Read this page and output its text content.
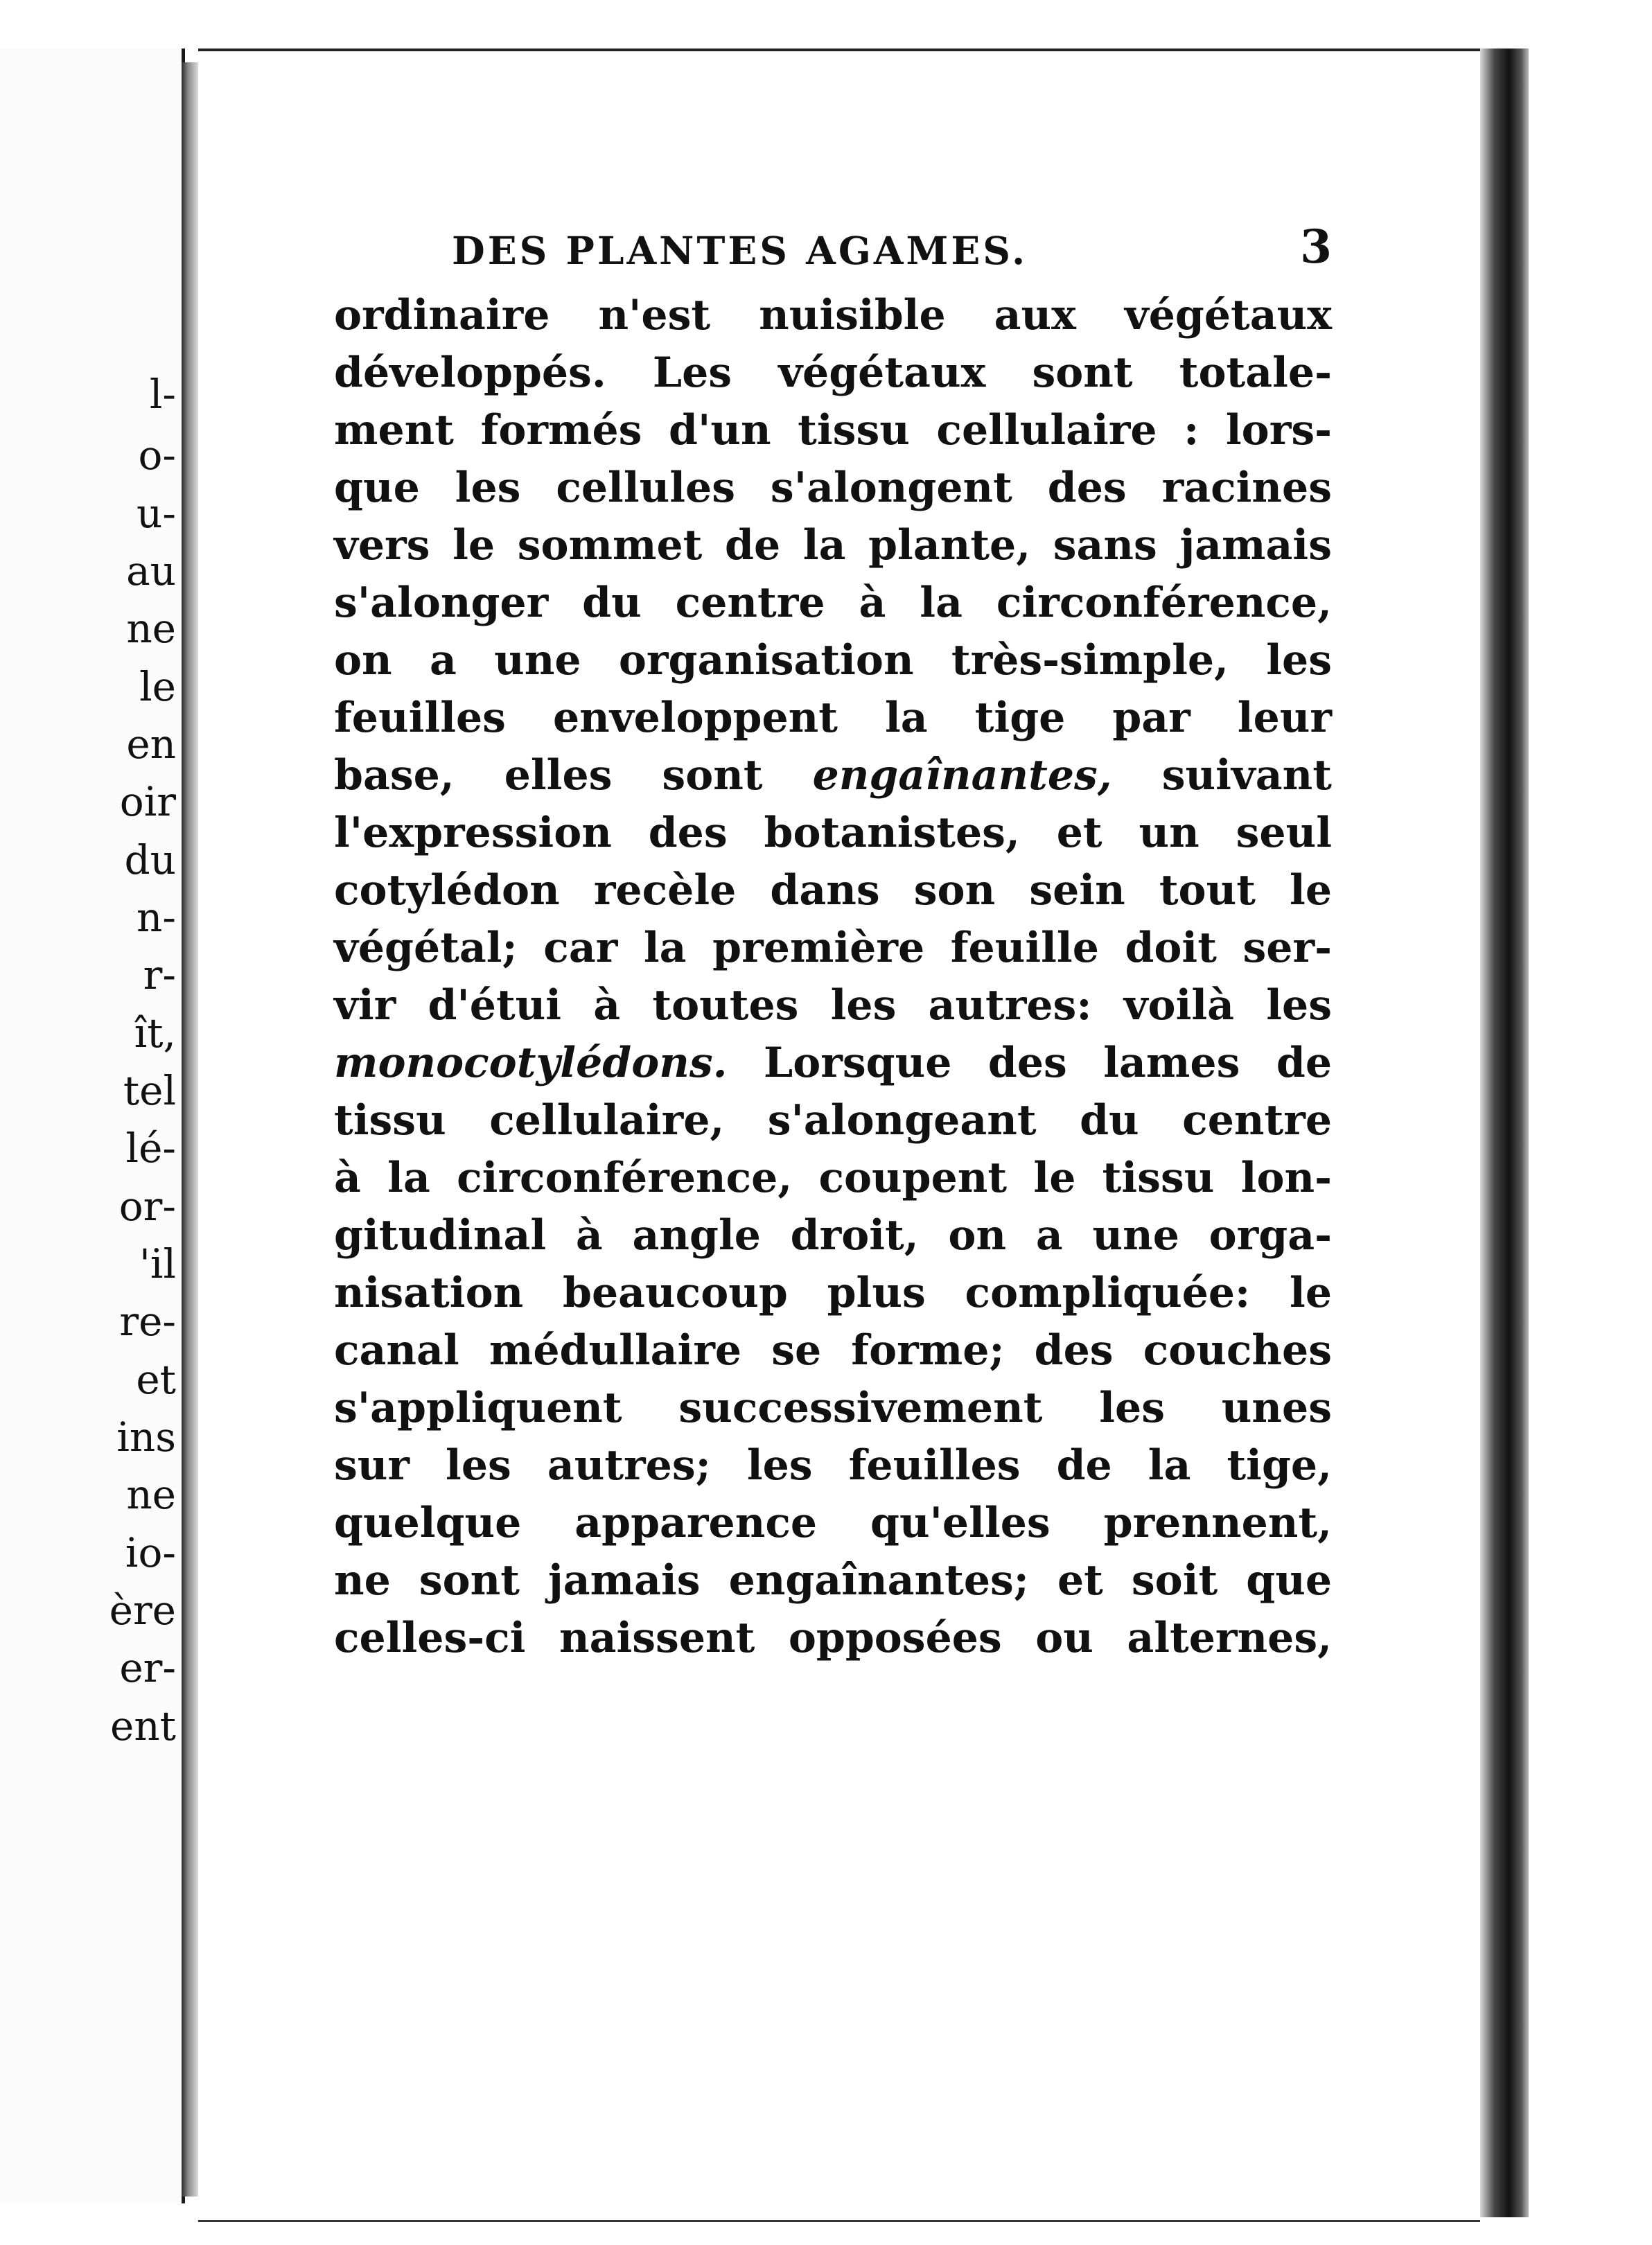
l-
o-
u-
au
ne
le
en
oir
du
n-
r-
ît,
tel
lé-
or-
'il
re-
et
ins
ne
io-
ère
er-
ent
DES PLANTES AGAMES.	3
ordinaire n'est nuisible aux végétaux
développés. Les végétaux sont totale-
ment formés d'un tissu cellulaire : lors-
que les cellules s'alongent des racines
vers le sommet de la plante, sans jamais
s'alonger du centre à la circonférence,
on a une organisation très-simple, les
feuilles enveloppent la tige par leur
base, elles sont engaînantes, suivant
l'expression des botanistes, et un seul
cotylédon recèle dans son sein tout le
végétal; car la première feuille doit ser-
vir d'étui à toutes les autres: voilà les
monocotylédons. Lorsque des lames de
tissu cellulaire, s'alongeant du centre
à la circonférence, coupent le tissu lon-
gitudinal à angle droit, on a une orga-
nisation beaucoup plus compliquée: le
canal médullaire se forme; des couches
s'appliquent successivement les unes
sur les autres; les feuilles de la tige,
quelque apparence qu'elles prennent,
ne sont jamais engaînantes; et soit que
celles-ci naissent opposées ou alternes,
